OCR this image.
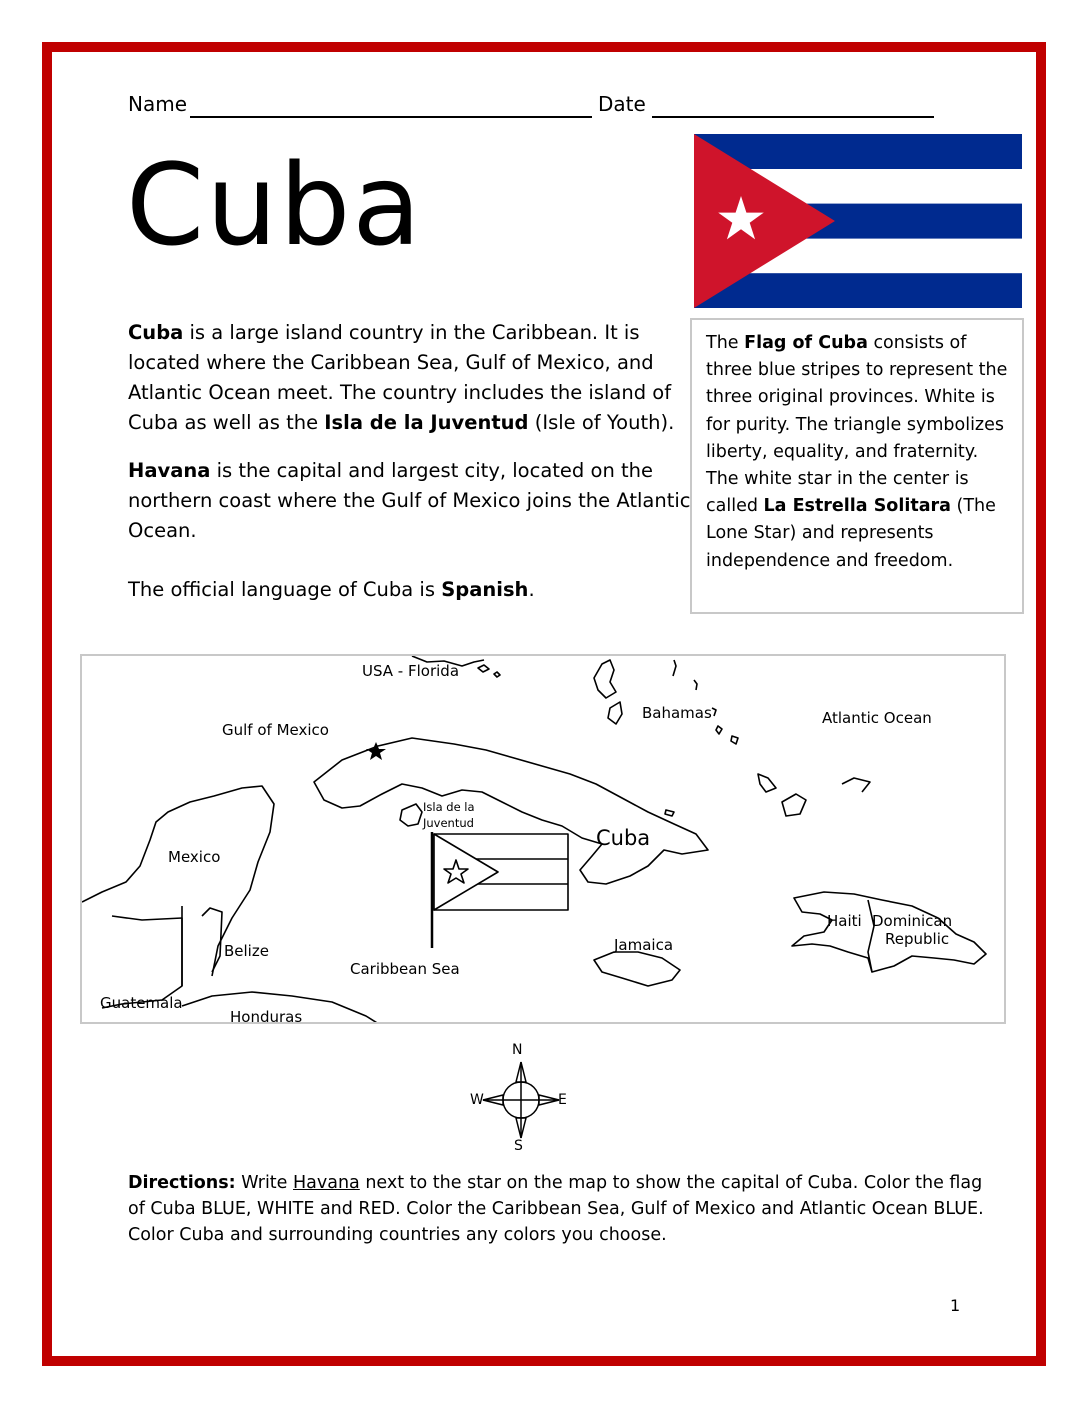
Name	Date
Cuba
Cuba is a large island country in the Caribbean. It is located where the Caribbean Sea, Gulf of Mexico, and Atlantic Ocean meet. The country includes the island of Cuba as well as the Isla de la Juventud (Isle of Youth).
Havana is the capital and largest city, located on the northern coast where the Gulf of Mexico joins the Atlantic Ocean.
The official language of Cuba is Spanish.
The Flag of Cuba consists of three blue stripes to represent the three original provinces. White is for purity. The triangle symbolizes liberty, equality, and fraternity. The white star in the center is called La Estrella Solitara (The Lone Star) and represents independence and freedom.
USA - Florida
Gulf of Mexico
Bahamas	Atlantic Ocean
Isla de la
Juventud
Cuba
Mexico
Haiti Dominican
Republic
Belize	Jamaica
Caribbean Sea
Guatemala
Honduras
N
S
E
W
Directions: Write Havana next to the star on the map to show the capital of Cuba. Color the flag of Cuba BLUE, WHITE and RED. Color the Caribbean Sea, Gulf of Mexico and Atlantic Ocean BLUE. Color Cuba and surrounding countries any colors you choose.
1
